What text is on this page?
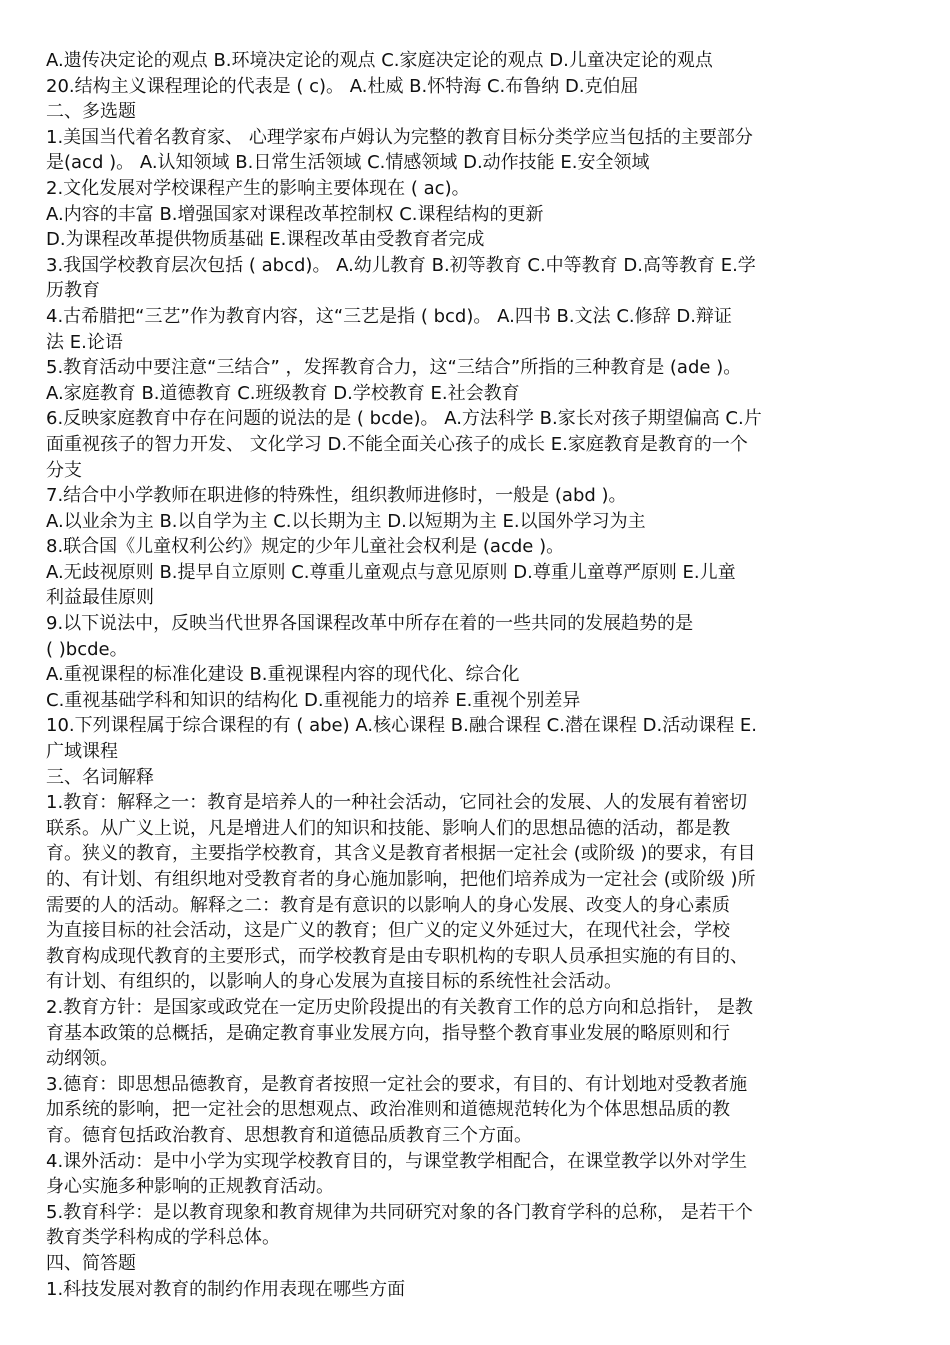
A.遗传决定论的观点 B.环境决定论的观点 C.家庭决定论的观点 D.儿童决定论的观点
20.结构主义课程理论的代表是 ( c)。 A.杜威 B.怀特海 C.布鲁纳 D.克伯屈
二、多选题
1.美国当代着名教育家、 心理学家布卢姆认为完整的教育目标分类学应当包括的主要部分
是(acd )。 A.认知领域 B.日常生活领域 C.情感领域 D.动作技能 E.安全领域
2.文化发展对学校课程产生的影响主要体现在 ( ac)。
A.内容的丰富 B.增强国家对课程改革控制权 C.课程结构的更新
D.为课程改革提供物质基础 E.课程改革由受教育者完成
3.我国学校教育层次包括 ( abcd)。 A.幼儿教育 B.初等教育 C.中等教育 D.高等教育 E.学
历教育
4.古希腊把“三艺”作为教育内容，这“三艺是指 ( bcd)。 A.四书 B.文法 C.修辞 D.辩证
法 E.论语
5.教育活动中要注意“三结合” ，发挥教育合力，这“三结合”所指的三种教育是 (ade )。
A.家庭教育 B.道德教育 C.班级教育 D.学校教育 E.社会教育
6.反映家庭教育中存在问题的说法的是 ( bcde)。 A.方法科学 B.家长对孩子期望偏高 C.片
面重视孩子的智力开发、 文化学习 D.不能全面关心孩子的成长 E.家庭教育是教育的一个
分支
7.结合中小学教师在职进修的特殊性，组织教师进修时，一般是 (abd )。
A.以业余为主 B.以自学为主 C.以长期为主 D.以短期为主 E.以国外学习为主
8.联合国《儿童权利公约》规定的少年儿童社会权利是 (acde )。
A.无歧视原则 B.提早自立原则 C.尊重儿童观点与意见原则 D.尊重儿童尊严原则 E.儿童
利益最佳原则
9.以下说法中，反映当代世界各国课程改革中所存在着的一些共同的发展趋势的是
( )bcde。
A.重视课程的标准化建设 B.重视课程内容的现代化、综合化
C.重视基础学科和知识的结构化 D.重视能力的培养 E.重视个别差异
10.下列课程属于综合课程的有 ( abe) A.核心课程 B.融合课程 C.潜在课程 D.活动课程 E.
广域课程
三、名词解释
1.教育：解释之一：教育是培养人的一种社会活动，它同社会的发展、人的发展有着密切
联系。从广义上说，凡是增进人们的知识和技能、影响人们的思想品德的活动，都是教
育。狭义的教育，主要指学校教育，其含义是教育者根据一定社会 (或阶级 )的要求，有目
的、有计划、有组织地对受教育者的身心施加影响，把他们培养成为一定社会 (或阶级 )所
需要的人的活动。解释之二：教育是有意识的以影响人的身心发展、改变人的身心素质
为直接目标的社会活动，这是广义的教育；但广义的定义外延过大，在现代社会，学校
教育构成现代教育的主要形式，而学校教育是由专职机构的专职人员承担实施的有目的、
有计划、有组织的，以影响人的身心发展为直接目标的系统性社会活动。
2.教育方针：是国家或政党在一定历史阶段提出的有关教育工作的总方向和总指针， 是教
育基本政策的总概括，是确定教育事业发展方向，指导整个教育事业发展的略原则和行
动纲领。
3.德育：即思想品德教育，是教育者按照一定社会的要求，有目的、有计划地对受教者施
加系统的影响，把一定社会的思想观点、政治准则和道德规范转化为个体思想品质的教
育。德育包括政治教育、思想教育和道德品质教育三个方面。
4.课外活动：是中小学为实现学校教育目的，与课堂教学相配合，在课堂教学以外对学生
身心实施多种影响的正规教育活动。
5.教育科学：是以教育现象和教育规律为共同研究对象的各门教育学科的总称， 是若干个
教育类学科构成的学科总体。
四、简答题
1.科技发展对教育的制约作用表现在哪些方面
